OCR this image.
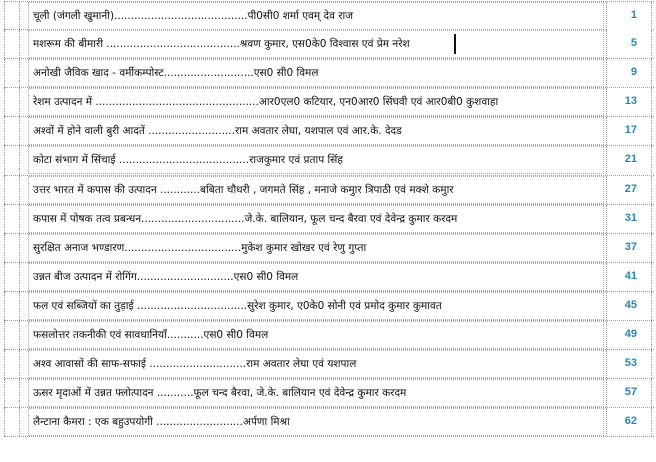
चूली (जंगली खुमानी)........................................पी0सी0 शर्मा एवम् देव राज	1
मशरूम की बीमारी ........................................श्रवण कुमार, एस0के0 विश्वास एवं प्रेम नरेश	5
अनोखी जैविक खाद - वर्मीकम्पोस्ट...........................एस0 सी0 विमल	9
रेशम उत्पादन में .................................................आर0एल0 कटियार, एन0आर0 सिंघवी एवं आर0बी0 कुशवाहा	13
अश्वों में होने वाली बुरी आदतें ..........................राम अवतार लेघा, यशपाल एवं आर.के. देदड	17
कोटा संभाग में सिंचाई .......................................राजकुमार एवं प्रताप सिंह	21
उत्तर भारत में कपास की उत्पादन ............बबिता चौधरी , जगमते सिंह , मनाजे कमुार त्रिपाठी एवं मक्शे कमुार	27
कपास में पोषक तत्व प्रबन्धन...............................जे.के. बालियान, फूल चन्द बैरवा एवं देवेन्द्र कुमार करदम	31
सुरक्षित अनाज भण्डारण...................................मुकेश कुमार खोखर एवं रेणु गुप्ता	37
उन्नत बीज उत्पादन में रोगिंग.............................एस0 सी0 विमल	41
फल एवं सब्जियों का तुड़ाई .................................सुरेश कुमार, ए0के0 सोनी एवं प्रमोद कुमार कुमावत	45
फसलोत्तर तकनीकी एवं सावधानियाँ...........एस0 सी0 विमल	49
अश्व आवासों की साफ-सफाई .............................राम अवतार लेघा एवं यशपाल	53
ऊसर मृदाओं में उन्नत फ्लोत्पादन ...........फूल चन्द बैरवा, जे.के. बालियान एवं देवेन्द्र कुमार करदम	57
लैन्टाना कैमरा : एक बहुउपयोगी ..........................अर्पणा मिश्रा	62
